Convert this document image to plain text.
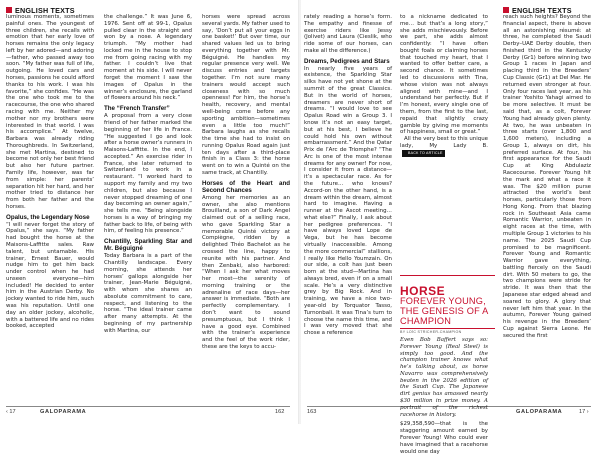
ENGLISH TEXTS

luminous moments, sometimes painful ones. The youngest of three children, she recalls with emotion that her early love of horses remains the only legacy left by her adored—and adoring—father, who passed away too soon. “My father was full of life, outgoing. He loved cars and horses, passions he could afford thanks to his work. I was his favorite,” she confides. “He was the one who took me to the racecourse, the one who shared racing with me. Neither my mother nor my brothers were interested in that world. I was his accomplice.” At twelve, Barbara was already riding Thoroughbreds. In Switzerland, she met Martina, destined to become not only her best friend but also her future partner. Family life, however, was far from simple: her parents’ separation hit her hard, and her mother tried to distance her from both her father and the horses.

Opalus, the Legendary Nose

“I will never forget the story of Opalus,” she says. “My father had bought the horse at the Maisons-Laffitte sales. Raw talent, but untamable. His trainer, Ernest Bauer, would nudge him to get him back under control when he had unseen everyone—him included! He decided to enter him in the Austrian Derby. No jockey wanted to ride him, such was his reputation. Until one day an older jockey, alcoholic, with a battered life and no rides booked, accepted

the challenge.” It was June 6, 1976. Sent off at 99-1, Opalus pulled clear in the straight and won by a nose. A legendary triumph. “My mother had locked me in the house to stop me from going racing with my father. I couldn’t live that moment at his side. I will never forget the moment I saw the images of Opalus in the winner’s enclosure, the garland of flowers around his neck.”

The “French Transfer”

A proposal from a very close friend of her father marked the beginning of her life in France. “He suggested I go and look after a horse owner’s runners in Maisons-Laffitte. In the end, I accepted.” An exercise rider in France, she later returned to Switzerland to work in a restaurant. “I worked hard to support my family and my two children, but also because I never stopped dreaming of one day becoming an owner again,” she tells me. “Being alongside horses is a way of bringing my father back to life, of being with him, of feeling his presence.”

Chantilly, Sparkling Star and Mr. Béguigné

Today Barbara is a part of the Chantilly landscape. Every morning, she attends her horses’ gallops alongside her trainer, Jean-Marie Béguigné, with whom she shares an absolute commitment to care, respect, and listening to the horse. “The ideal trainer came after many attempts. At the beginning of my partnership with Martina, our

horses were spread across several yards. My father used to say, ‘Don’t put all your eggs in one basket!’ But over time, our shared values led us to bring everything together with Mr. Béguigné. He handles my regular presence very well. We discuss entries and targets together. I’m not sure many trainers would accept such closeness with so much openness! For him, the horse’s health, recovery, and mental well-being come before any sporting ambition—sometimes even a little too much!” Barbara laughs as she recalls the time she had to insist on running Opalus Road again just ten days after a third-place finish in a Class 3: the horse went on to win a Quinté on the same track, at Chantilly.

Horses of the Heart and Second Chances

Among her memories as an owner, she also mentions Brouilland, a son of Dark Angel claimed out of a selling race, who gave Sparkling Star a memorable Quinté victory at Compiègne, ridden by a delighted Théo Bachelot as he crossed the line, happy to reunite with his partner. And then Zenbaki, also harbored: “When I ask her what moves her most—the serenity of morning training or the adrenaline of race days—her answer is immediate. “Both are perfectly complementary. I don’t want to sound presumptuous, but I think I have a good eye. Combined with the trainer’s experience and the feel of the work rider, these are the keys to accu-

‹ 17	GALOPARAMA	162
ENGLISH TEXTS

rately reading a horse’s form. The empathy and finesse of exercise riders like Jessy (Jolivet) and Laura (Cieslik, who ride some of our horses, can make all the difference.)

Dreams, Pedigrees and Stars

In nearly five years of existence, the Sparkling Star silks have not yet shone at the summit of the great Classics. But in the world of horses, dreamers are never short of dreams. “I would love to see Opalus Road win a Group 3. I know it’s not an easy target, but at his best, I believe he could hold his own without embarrassment.” And the Qatar Prix de l’Arc de Triomphe? “The Arc is one of the most intense dreams for any owner! For now, I consider it from a distance—it’s a spectacular race. As for the future… who knows? Accord-on the other hand, is a dream within the dream, almost hard to imagine. Having a runner at the Ascot meeting… what else?” Finally, I ask about her pedigree preferences. “I have always loved Lope de Vega, but he has become virtually inaccessible. Among the more commercial” stallions, I really like Hello Youmzain. On our side, a colt has just been born at the stud—Martina has always bred, even if on a small scale. He’s a very distinctive grey by Big Rock. And in training, we have a nice two-year-old by Torquator Tasso, Turnonbali. It was Tina’s turn to choose the name this time, and I was very moved that she chose a reference

to a nickname dedicated to me… but that’s a long story,” she adds mischievously. Before we part, she adds almost confidently: “I have often bought foals or claiming horses that touched my heart, that I wanted to offer better care, a second chance. It sometimes led to discussions with Tina, whose vision was not always aligned with mine—and I understand her perfectly. But if I’m honest, every single one of them, from the first to the last, repaid that slightly crazy gamble by giving me moments of happiness, small or great.”

All the very best to this unique lady, My Lady B. BACK TO ARTICLE

reach such heights? Beyond the financial aspect, there is above all an astonishing résumé: at three, he completed the Saudi Derby–UAE Derby double, then finished third in the Kentucky Derby (Gr1) before winning two Group 1 races in Japan and placing third in the Breeders’ Cup Classic (Gr1) at Del Mar. He returned even stronger at four. Only four races last year, as his trainer Yoshito Yahagi aimed to be more selective. It must be said that, as a colt, Forever Young had already given plenty. At two, he was unbeaten in three starts (over 1,800 and 1,600 meters), including a Group 1, always on dirt, his preferred surface. At four, his first appearance for the Saudi Cup at King Abdulaziz Racecourse. Forever Young hit the mark and what a race it was. The $20 million purse attracted the world’s best horses, particularly those from Hong Kong. From that blazing rock in Southeast Asia came Romantic Warrior, unbeaten in eight races at the time, with multiple Group 1 victories to his name. The 2025 Saudi Cup promised to be magnificent. Forever Young and Romantic Warrior gave everything, battling fiercely on the Saudi dirt. With 50 meters to go, the two champions were stride for stride. It was then that the Japanese star edged ahead and soared to glory. A glory that never left him that year. In the autumn, Forever Young gained his revenge in the Breeders’ Cup against Sierra Leone. He secured the first

163	GALOPARAMA	17 ›
HORSE
FOREVER YOUNG, THE GENESIS OF A CHAMPION
BY LOÏC STRICHER-CHAMPION

Even Bob Baffert says so: Forever Young (Real Steel) is simply too good. And the champion trainer knows what he’s talking about, as horse Navarro was comprehensively beaten in the 2026 edition of the Saudi Cup. The Japanese dirt genius has amassed nearly $30 million in prize money. A portrait of the richest racehorse in history.

$29,358,590—that is the staggering amount earned by Forever Young! Who could ever have imagined that a racehorse would one day
